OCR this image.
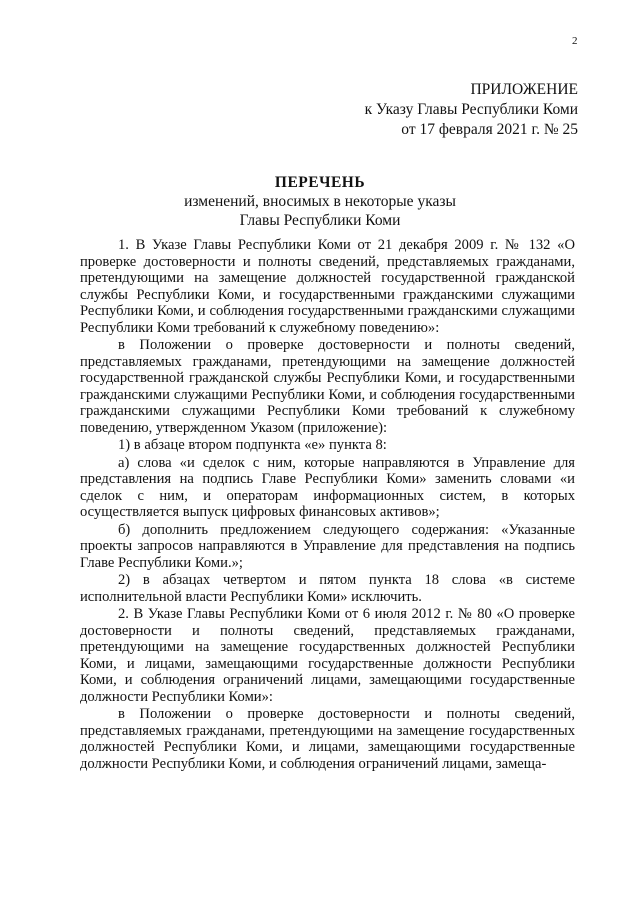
2
ПРИЛОЖЕНИЕ
к Указу Главы Республики Коми
от 17 февраля 2021 г. № 25
ПЕРЕЧЕНЬ
изменений, вносимых в некоторые указы
Главы Республики Коми

1. В Указе Главы Республики Коми от 21 декабря 2009 г. № 132 «О проверке достоверности и полноты сведений, представляемых гражданами, претендующими на замещение должностей государственной гражданской службы Республики Коми, и государственными гражданскими служащими Республики Коми, и соблюдения государственными гражданскими служащими Республики Коми требований к служебному поведению»:

в Положении о проверке достоверности и полноты сведений, представляемых гражданами, претендующими на замещение должностей государственной гражданской службы Республики Коми, и государственными гражданскими служащими Республики Коми, и соблюдения государственными гражданскими служащими Республики Коми требований к служебному поведению, утвержденном Указом (приложение):

1) в абзаце втором подпункта «е» пункта 8:

а) слова «и сделок с ним, которые направляются в Управление для представления на подпись Главе Республики Коми» заменить словами «и сделок с ним, и операторам информационных систем, в которых осуществляется выпуск цифровых финансовых активов»;

б) дополнить предложением следующего содержания: «Указанные проекты запросов направляются в Управление для представления на подпись Главе Республики Коми.»;

2) в абзацах четвертом и пятом пункта 18 слова «в системе исполнительной власти Республики Коми» исключить.

2. В Указе Главы Республики Коми от 6 июля 2012 г. № 80 «О проверке достоверности и полноты сведений, представляемых гражданами, претендующими на замещение государственных должностей Республики Коми, и лицами, замещающими государственные должности Республики Коми, и соблюдения ограничений лицами, замещающими государственные должности Республики Коми»:

в Положении о проверке достоверности и полноты сведений, представляемых гражданами, претендующими на замещение государственных должностей Республики Коми, и лицами, замещающими государственные должности Республики Коми, и соблюдения ограничений лицами, замеща-
